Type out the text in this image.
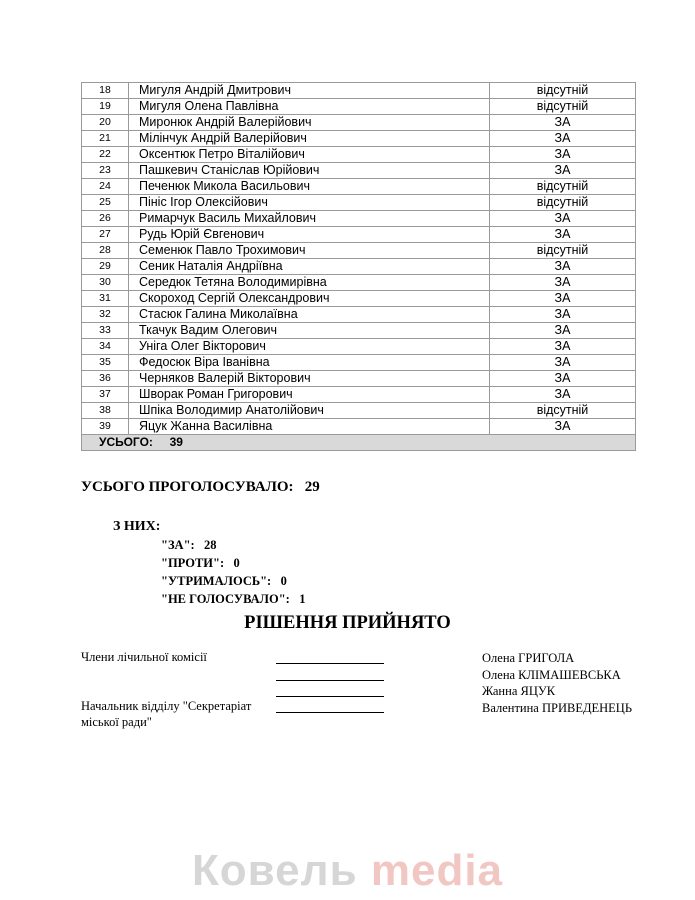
18	Мигуля Андрій Дмитрович	відсутній
19	Мигуля Олена Павлівна	відсутній
20	Миронюк Андрій Валерійович	ЗА
21	Мілінчук Андрій Валерійович	ЗА
22	Оксентюк Петро Віталійович	ЗА
23	Пашкевич Станіслав Юрійович	ЗА
24	Печенюк Микола Васильович	відсутній
25	Пініс Ігор Олексійович	відсутній
26	Римарчук Василь Михайлович	ЗА
27	Рудь Юрій Євгенович	ЗА
28	Семенюк Павло Трохимович	відсутній
29	Сеник Наталія Андріївна	ЗА
30	Середюк Тетяна Володимирівна	ЗА
31	Скороход Сергій Олександрович	ЗА
32	Стасюк Галина Миколаївна	ЗА
33	Ткачук Вадим Олегович	ЗА
34	Уніга Олег Вікторович	ЗА
35	Федосюк Віра Іванівна	ЗА
36	Черняков Валерій Вікторович	ЗА
37	Шворак Роман Григорович	ЗА
38	Шпіка Володимир Анатолійович	відсутній
39	Яцук Жанна Василівна	ЗА
УСЬОГО:     39		
УСЬОГО ПРОГОЛОСУВАЛО: 29
З НИХ:
"ЗА": 28
"ПРОТИ": 0
"УТРИМАЛОСЬ": 0
"НЕ ГОЛОСУВАЛО": 1
РІШЕННЯ ПРИЙНЯТО
Члени лічильної комісії	Олена ГРИГОЛА
Олена КЛІМАШЕВСЬКА
Жанна ЯЦУК
Валентина ПРИВЕДЕНЕЦЬ
Начальник відділу "Секретаріат
міської ради"
Ковель media
